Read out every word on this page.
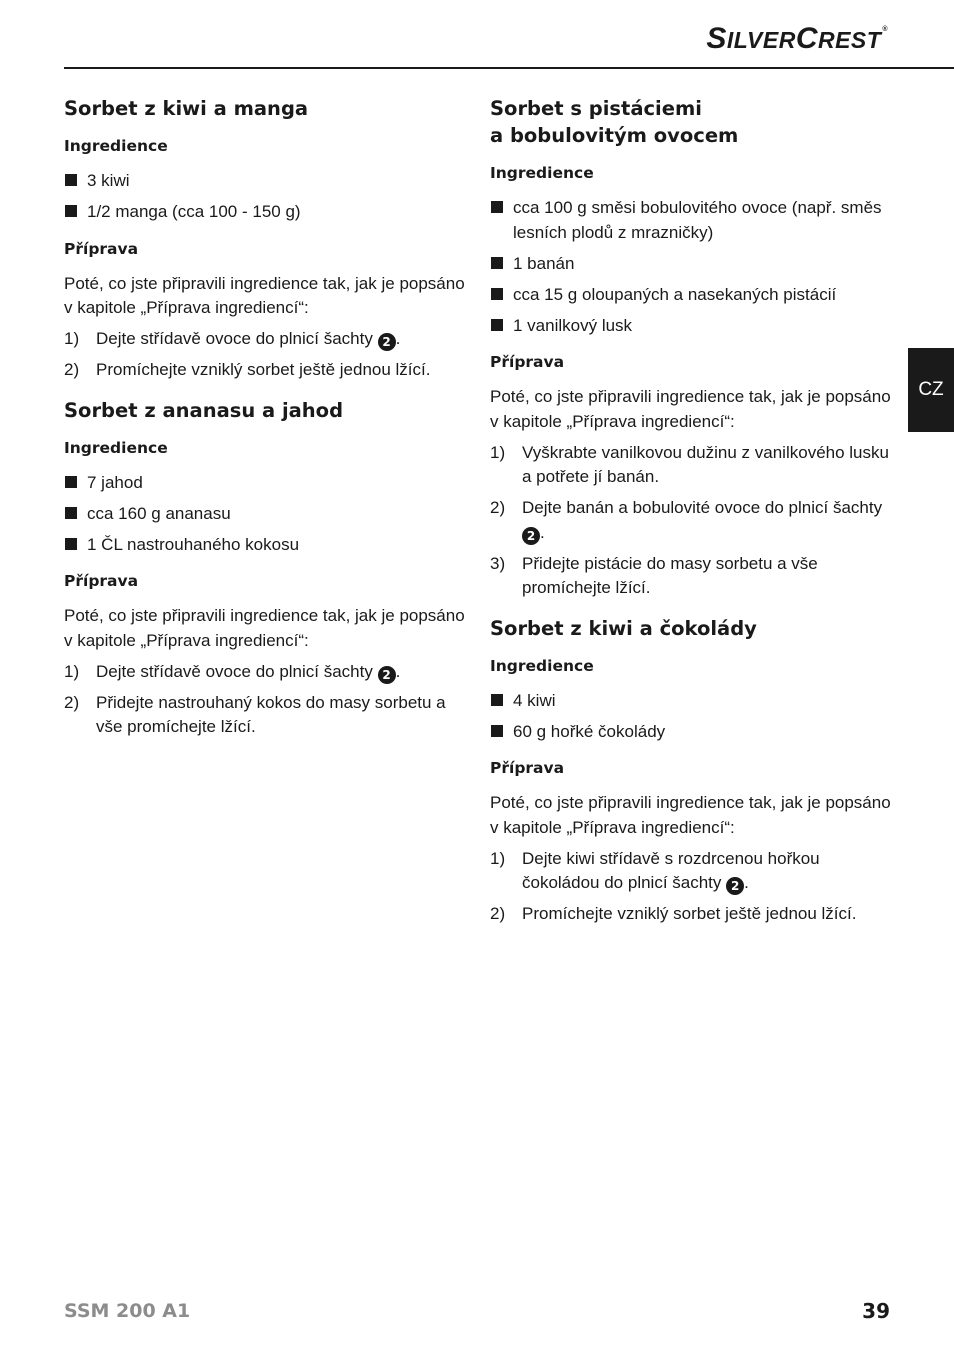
SILVERCREST®
CZ
Sorbet z kiwi a manga
Ingredience
3 kiwi
1/2 manga (cca 100 - 150 g)
Příprava

Poté, co jste připravili ingredience tak, jak je popsáno v kapitole „Příprava ingrediencí“:

1) Dejte střídavě ovoce do plnicí šachty 2 .
2) Promíchejte vzniklý sorbet ještě jednou lžící.
Sorbet z ananasu a jahod
Ingredience
7 jahod
cca 160 g ananasu
1 ČL nastrouhaného kokosu
Příprava

Poté, co jste připravili ingredience tak, jak je popsáno v kapitole „Příprava ingrediencí“:

1) Dejte střídavě ovoce do plnicí šachty 2 .
2) Přidejte nastrouhaný kokos do masy sorbetu a vše promíchejte lžící.
Sorbet s pistáciemi
a bobulovitým ovocem
Ingredience
cca 100 g směsi bobulovitého ovoce (např. směs lesních plodů z mrazničky)
1 banán
cca 15 g oloupaných a nasekaných pistácií
1 vanilkový lusk
Příprava

Poté, co jste připravili ingredience tak, jak je popsáno v kapitole „Příprava ingrediencí“:

1) Vyškrabte vanilkovou dužinu z vanilkového lusku a potřete jí banán.
2) Dejte banán a bobulovité ovoce do plnicí šachty 2 .
3) Přidejte pistácie do masy sorbetu a vše promíchejte lžící.
Sorbet z kiwi a čokolády
Ingredience
4 kiwi
60 g hořké čokolády
Příprava

Poté, co jste připravili ingredience tak, jak je popsáno v kapitole „Příprava ingrediencí“:

1) Dejte kiwi střídavě s rozdrcenou hořkou čokoládou do plnicí šachty 2 .
2) Promíchejte vzniklý sorbet ještě jednou lžící.
SSM 200 A1	39
